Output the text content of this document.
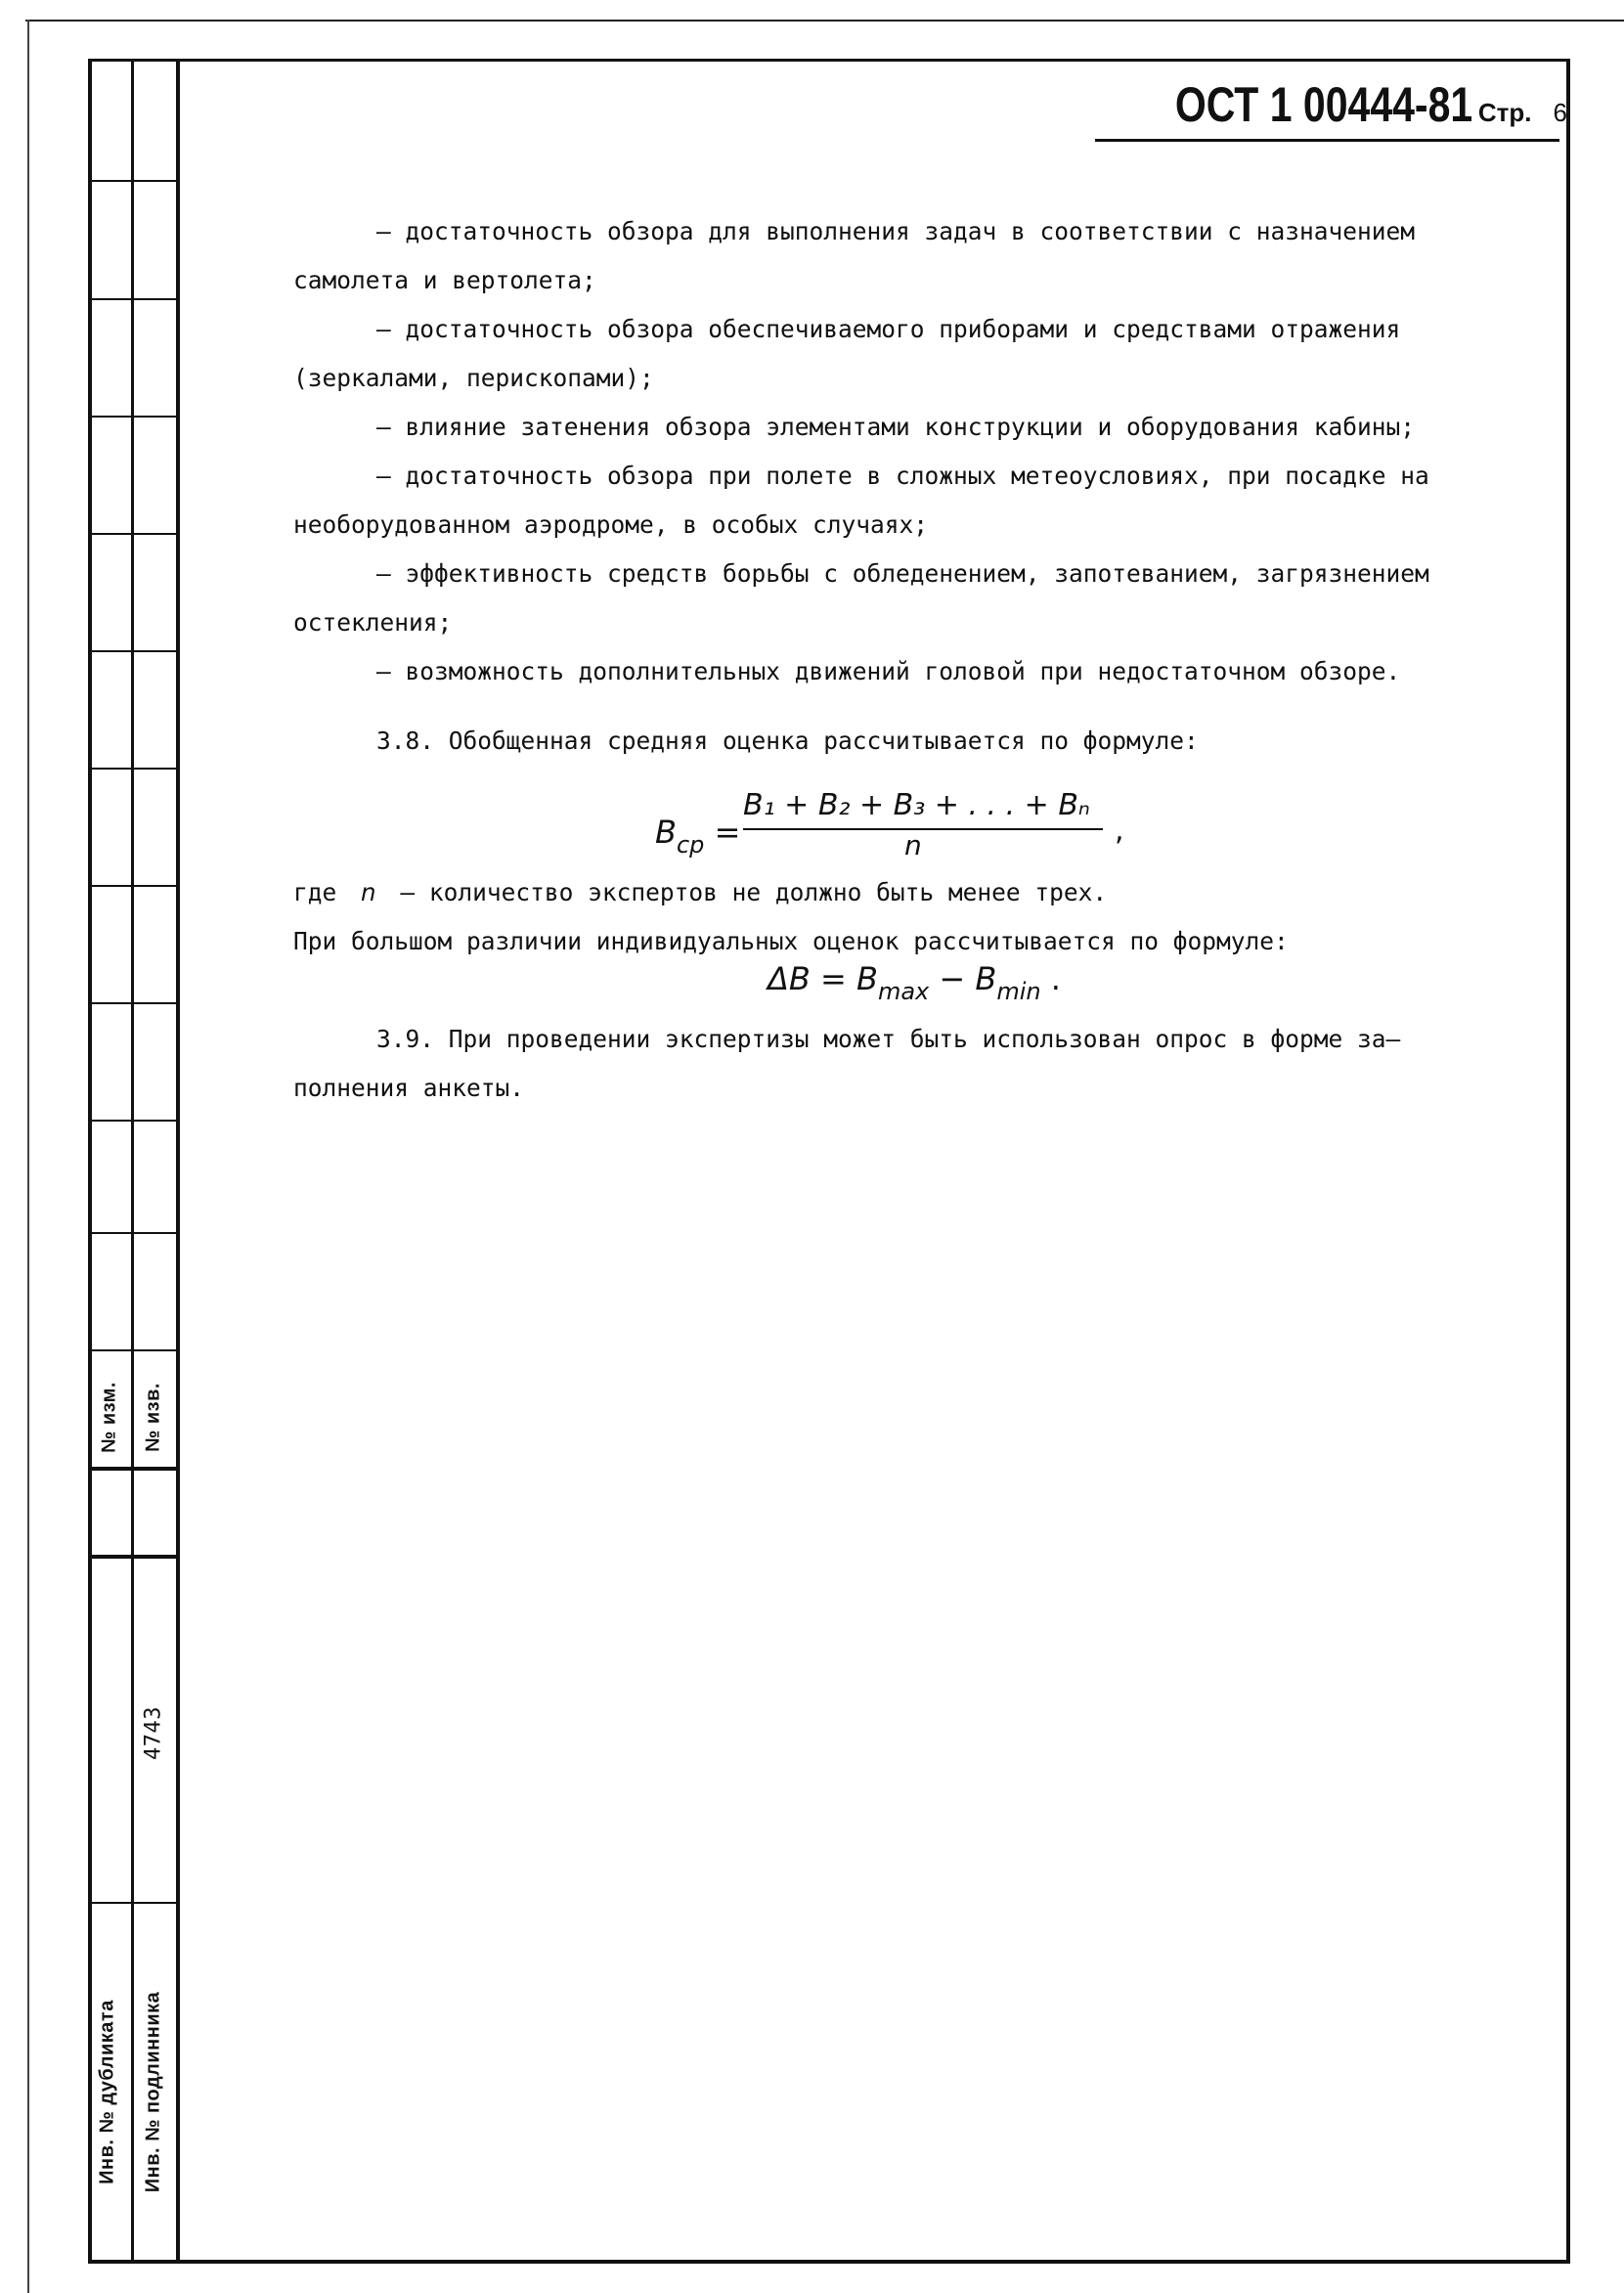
№ изм. № изв.
4743
Инв. № дубликата Инв. № подлинника
ОСТ 1 00444-81 Стр. 6
– достаточность обзора для выполнения задач в соответствии с назначением
самолета и вертолета;
– достаточность обзора обеспечиваемого приборами и средствами отражения
(зеркалами, перископами);
– влияние затенения обзора элементами конструкции и оборудования кабины;
– достаточность обзора при полете в сложных метеоусловиях, при посадке на
необорудованном аэродроме, в особых случаях;
– эффективность средств борьбы с обледенением, запотеванием, загрязнением
остекления;
– возможность дополнительных движений головой при недостаточном обзоре.
3.8. Обобщенная средняя оценка рассчитывается по формуле:
$B_{ср}$ =
B₁ + B₂ + B₃ + . . . + Bₙ
n	,
где n – количество экспертов не должно быть менее трех.
При большом различии индивидуальных оценок рассчитывается по формуле:
$\Delta B = B_{max} - B_{min}$ .
3.9. При проведении экспертизы может быть использован опрос в форме за–
полнения анкеты.
